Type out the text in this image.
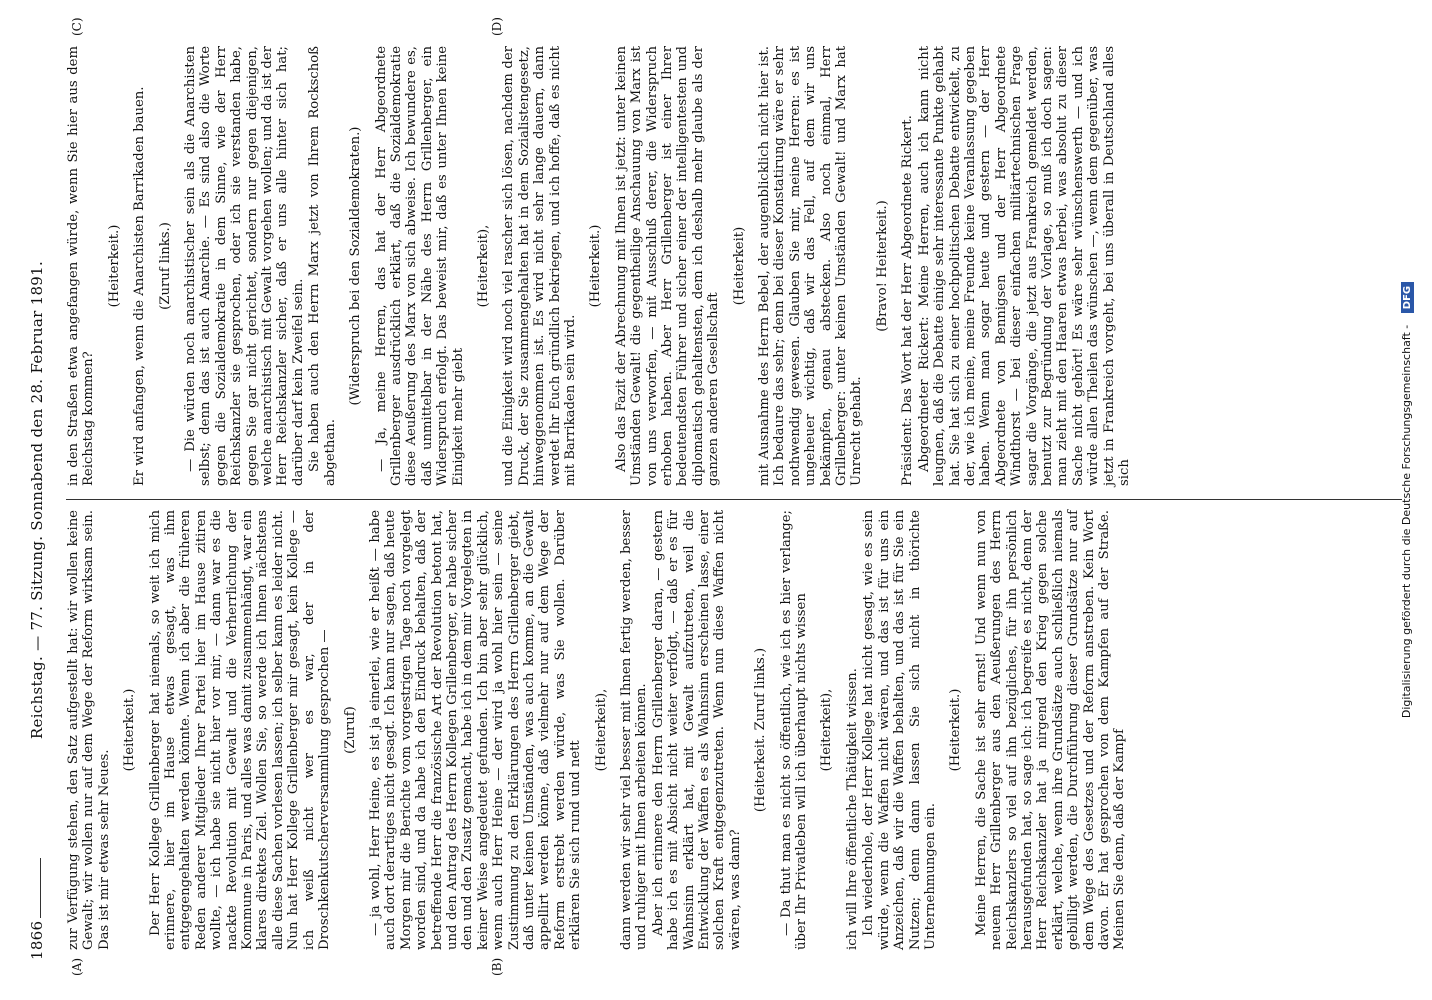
1866
Reichstag. — 77. Sitzung. Sonnabend den 28. Februar 1891.
(A)	(B)
(C)	(D)

zur Verfügung stehen, den Satz aufgestellt hat: wir wollen keine Gewalt; wir wollen nur auf dem Wege der Reform wirksam sein. Das ist mir etwas sehr Neues.

(Heiterkeit.) Der Herr Kollege Grillenberger hat niemals, so weit ich mich erinnere, hier im Hause etwas gesagt, was ihm entgegengehalten werden könnte. Wenn ich aber die früheren Reden anderer Mitglieder Ihrer Partei hier im Hause zitiren wollte, — ich habe sie nicht hier vor mir, — dann war es die nackte Revolution mit Gewalt und die Verherrlichung der Kommune in Paris, und alles was damit zusammenhängt, war ein klares direktes Ziel. Wollen Sie, so werde ich Ihnen nächstens alle diese Sachen vorlesen lassen; ich selber kann es leider nicht. Nun hat Herr Kollege Grillenberger mir gesagt, kein Kollege — ich weiß nicht wer es war, der in der Droschkenkutscherversammlung gesprochen — (Zuruf) — ja wohl, Herr Heine, es ist ja einerlei, wie er heißt — habe auch dort derartiges nicht gesagt. Ich kann nur sagen, daß heute Morgen mir die Berichte vom vorgestrigen Tage noch vorgelegt worden sind, und da habe ich den Eindruck behalten, daß der betreffende Herr die französische Art der Revolution betont hat, und den Antrag des Herrn Kollegen Grillenberger, er habe sicher den und den Zusatz gemacht, habe ich in dem mir Vorgelegten in keiner Weise angedeutet gefunden. Ich bin aber sehr glücklich, wenn auch Herr Heine — der wird ja wohl hier sein — seine Zustimmung zu den Erklärungen des Herrn Grillenberger giebt, daß unter keinen Umständen, was auch komme, an die Gewalt appellirt werden könne, daß vielmehr nur auf dem Wege der Reform erstrebt werden würde, was Sie wollen. Darüber erklären Sie sich rund und nett

(Heiterkeit), dann werden wir sehr viel besser mit Ihnen fertig werden, besser und ruhiger mit Ihnen arbeiten können. Aber ich erinnere den Herrn Grillenberger daran, — gestern habe ich es mit Absicht nicht weiter verfolgt, — daß er es für Wahnsinn erklärt hat, mit Gewalt aufzutreten, weil die Entwicklung der Waffen es als Wahnsinn erscheinen lasse, einer solchen Kraft entgegenzutreten. Wenn nun diese Waffen nicht wären, was dann?

(Heiterkeit. Zuruf links.) — Da thut man es nicht so öffentlich, wie ich es hier verlange; über Ihr Privatleben will ich überhaupt nichts wissen (Heiterkeit), ich will Ihre öffentliche Thätigkeit wissen. Ich wiederhole, der Herr Kollege hat nicht gesagt, wie es sein würde, wenn die Waffen nicht wären, und das ist für uns ein Anzeichen, daß wir die Waffen behalten, und das ist für Sie ein Nutzen; denn dann lassen Sie sich nicht in thörichte Unternehmungen ein.

(Heiterkeit.) Meine Herren, die Sache ist sehr ernst! Und wenn nun von neuem Herr Grillenberger aus den Aeußerungen des Herrn Reichskanzlers so viel auf ihn bezügliches, für ihn persönlich herausgefunden hat, so sage ich: ich begreife es nicht, denn der Herr Reichskanzler hat ja nirgend den Krieg gegen solche erklärt, welche, wenn ihre Grundsätze auch schließlich niemals gebilligt werden, die Durchführung dieser Grundsätze nur auf dem Wege des Gesetzes und der Reform anstreben. Kein Wort davon. Er hat gesprochen von dem Kampfen auf der Straße. Meinen Sie denn, daß der Kampf

in den Straßen etwa angefangen würde, wenn Sie hier aus dem Reichstag kommen?

(Heiterkeit.) Er wird anfangen, wenn die Anarchisten Barrikaden bauen. (Zuruf links.) — Die würden noch anarchistischer sein als die Anarchisten selbst; denn das ist auch Anarchie. — Es sind also die Worte gegen die Sozialdemokratie in dem Sinne, wie der Herr Reichskanzler sie gesprochen, oder ich sie verstanden habe, gegen Sie gar nicht gerichtet, sondern nur gegen diejenigen, welche anarchistisch mit Gewalt vorgehen wollen; und da ist der Herr Reichskanzler sicher, daß er uns alle hinter sich hat; darüber darf kein Zweifel sein. Sie haben auch den Herrn Marx jetzt von Ihrem Rockschoß abgethan.

(Widerspruch bei den Sozialdemokraten.) — Ja, meine Herren, das hat der Herr Abgeordnete Grillenberger ausdrücklich erklärt, daß die Sozialdemokratie diese Aeußerung des Marx von sich abweise. Ich bewundere es, daß unmittelbar in der Nähe des Herrn Grillenberger, ein Widerspruch erfolgt. Das beweist mir, daß es unter Ihnen keine Einigkeit mehr giebt

(Heiterkeit), und die Einigkeit wird noch viel rascher sich lösen, nachdem der Druck, der Sie zusammengehalten hat in dem Sozialistengesetz, hinweggenommen ist. Es wird nicht sehr lange dauern, dann werdet Ihr Euch gründlich bekriegen, und ich hoffe, daß es nicht mit Barrikaden sein wird.

(Heiterkeit.) Also das Fazit der Abrechnung mit Ihnen ist jetzt: unter keinen Umständen Gewalt! die gegentheilige Anschauung von Marx ist von uns verworfen, — mit Ausschluß derer, die Widerspruch erhoben haben. Aber Herr Grillenberger ist einer Ihrer bedeutendsten Führer und sicher einer der intelligentesten und diplomatisch gehaltensten, dem ich deshalb mehr glaube als der ganzen anderen Gesellschaft

(Heiterkeit) mit Ausnahme des Herrn Bebel, der augenblicklich nicht hier ist. Ich bedaure das sehr; denn bei dieser Konstatirung wäre er sehr nothwendig gewesen. Glauben Sie mir, meine Herren: es ist ungeheuer wichtig, daß wir das Fell, auf dem wir uns bekämpfen, genau abstecken. Also noch einmal, Herr Grillenberger: unter keinen Umständen Gewalt! und Marx hat Unrecht gehabt.

(Bravo! Heiterkeit.) Präsident: Das Wort hat der Herr Abgeordnete Rickert. Abgeordneter Rickert: Meine Herren, auch ich kann nicht leugnen, daß die Debatte einige sehr interessante Punkte gehabt hat. Sie hat sich zu einer hochpolitischen Debatte entwickelt, zu der, wie ich meine, meine Freunde keine Veranlassung gegeben haben. Wenn man sogar heute und gestern — der Herr Abgeordnete von Bennigsen und der Herr Abgeordnete Windthorst — bei dieser einfachen militärtechnischen Frage sagar die Vorgänge, die jetzt aus Frankreich gemeldet werden, benutzt zur Begründung der Vorlage, so muß ich doch sagen: man zieht mit den Haaren etwas herbei, was absolut zu dieser Sache nicht gehört! Es wäre sehr wünschenswerth — und ich würde allen Theilen das wünschen —, wenn dem gegenüber, was jetzt in Frankreich vorgeht, bei uns überall in Deutschland alles sich	Digitalisierung gefördert durch die Deutsche Forschungsgemeinschaft - DFG
